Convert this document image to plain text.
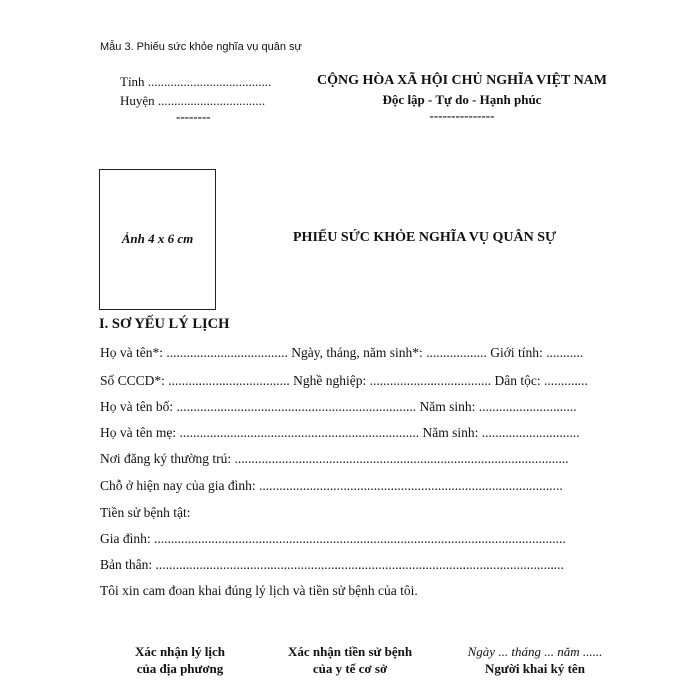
Mẫu 3. Phiếu sức khỏe nghĩa vụ quân sự
Tỉnh ......................................
Huyện .................................
--------
CỘNG HÒA XÃ HỘI CHỦ NGHĨA VIỆT NAM
Độc lập - Tự do - Hạnh phúc
---------------
Ảnh 4 x 6 cm	PHIẾU SỨC KHỎE NGHĨA VỤ QUÂN SỰ
I. SƠ YẾU LÝ LỊCH
Họ và tên*: .................................... Ngày, tháng, năm sinh*: .................. Giới tính: ...........
Số CCCD*: .................................... Nghề nghiệp: .................................... Dân tộc: .............
Họ và tên bố: ....................................................................... Năm sinh: .............................
Họ và tên mẹ: ....................................................................... Năm sinh: .............................
Nơi đăng ký thường trú: ...................................................................................................
Chỗ ở hiện nay của gia đình: ..........................................................................................
Tiền sử bệnh tật:
Gia đình: ..........................................................................................................................
Bản thân: .........................................................................................................................
Tôi xin cam đoan khai đúng lý lịch và tiền sử bệnh của tôi.
Xác nhận lý lịch
của địa phương
Xác nhận tiền sử bệnh
của y tế cơ sở
Ngày ... tháng ... năm ......
Người khai ký tên
